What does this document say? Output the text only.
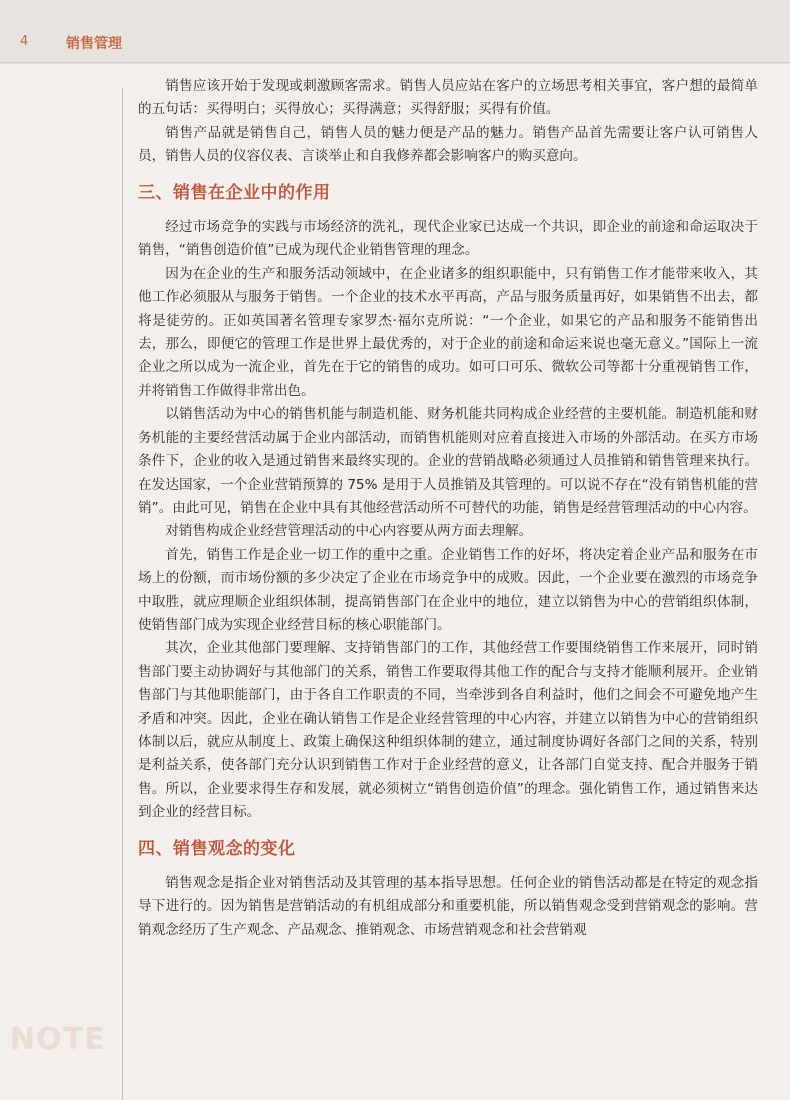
4	销售管理

销售应该开始于发现或刺激顾客需求。销售人员应站在客户的立场思考相关事宜，客户想的最简单的五句话：买得明白；买得放心；买得满意；买得舒服；买得有价值。

销售产品就是销售自己，销售人员的魅力便是产品的魅力。销售产品首先需要让客户认可销售人员，销售人员的仪容仪表、言谈举止和自我修养都会影响客户的购买意向。

三、销售在企业中的作用

经过市场竞争的实践与市场经济的洗礼，现代企业家已达成一个共识，即企业的前途和命运取决于销售，“销售创造价值”已成为现代企业销售管理的理念。

因为在企业的生产和服务活动领域中，在企业诸多的组织职能中，只有销售工作才能带来收入，其他工作必须服从与服务于销售。一个企业的技术水平再高，产品与服务质量再好，如果销售不出去，都将是徒劳的。正如英国著名管理专家罗杰·福尔克所说：“一个企业，如果它的产品和服务不能销售出去，那么，即便它的管理工作是世界上最优秀的，对于企业的前途和命运来说也毫无意义。”国际上一流企业之所以成为一流企业，首先在于它的销售的成功。如可口可乐、微软公司等都十分重视销售工作，并将销售工作做得非常出色。

以销售活动为中心的销售机能与制造机能、财务机能共同构成企业经营的主要机能。制造机能和财务机能的主要经营活动属于企业内部活动，而销售机能则对应着直接进入市场的外部活动。在买方市场条件下，企业的收入是通过销售来最终实现的。企业的营销战略必须通过人员推销和销售管理来执行。在发达国家，一个企业营销预算的 75% 是用于人员推销及其管理的。可以说不存在“没有销售机能的营销”。由此可见，销售在企业中具有其他经营活动所不可替代的功能，销售是经营管理活动的中心内容。

对销售构成企业经营管理活动的中心内容要从两方面去理解。

首先，销售工作是企业一切工作的重中之重。企业销售工作的好坏，将决定着企业产品和服务在市场上的份额，而市场份额的多少决定了企业在市场竞争中的成败。因此，一个企业要在激烈的市场竞争中取胜，就应理顺企业组织体制，提高销售部门在企业中的地位，建立以销售为中心的营销组织体制，使销售部门成为实现企业经营目标的核心职能部门。

其次，企业其他部门要理解、支持销售部门的工作，其他经营工作要围绕销售工作来展开，同时销售部门要主动协调好与其他部门的关系，销售工作要取得其他工作的配合与支持才能顺利展开。企业销售部门与其他职能部门，由于各自工作职责的不同，当牵涉到各自利益时，他们之间会不可避免地产生矛盾和冲突。因此，企业在确认销售工作是企业经营管理的中心内容，并建立以销售为中心的营销组织体制以后，就应从制度上、政策上确保这种组织体制的建立，通过制度协调好各部门之间的关系，特别是利益关系，使各部门充分认识到销售工作对于企业经营的意义，让各部门自觉支持、配合并服务于销售。所以，企业要求得生存和发展，就必须树立“销售创造价值”的理念。强化销售工作，通过销售来达到企业的经营目标。

四、销售观念的变化

销售观念是指企业对销售活动及其管理的基本指导思想。任何企业的销售活动都是在特定的观念指导下进行的。因为销售是营销活动的有机组成部分和重要机能，所以销售观念受到营销观念的影响。营销观念经历了生产观念、产品观念、推销观念、市场营销观念和社会营销观

NOTE
